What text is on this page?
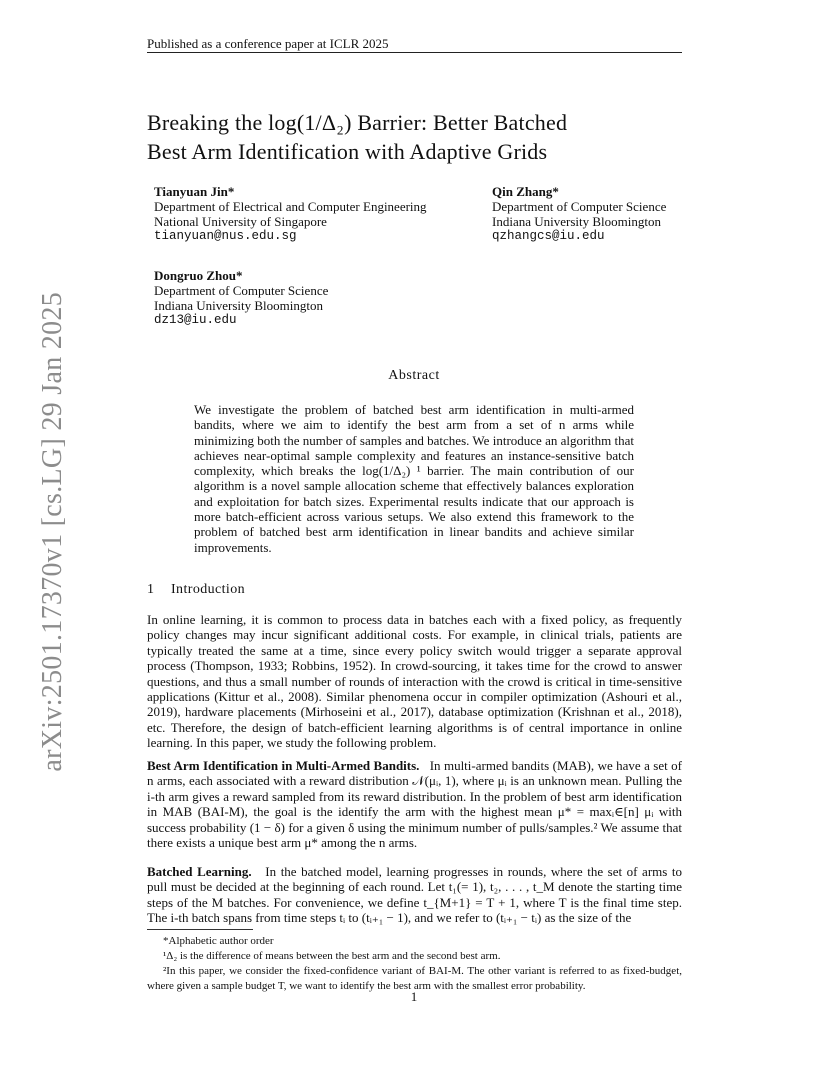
Published as a conference paper at ICLR 2025
arXiv:2501.17370v1 [cs.LG] 29 Jan 2025
Breaking the log(1/Δ₂) Barrier: Better Batched
Best Arm Identification with Adaptive Grids
Tianyuan Jin*
Department of Electrical and Computer Engineering
National University of Singapore
tianyuan@nus.edu.sg
Qin Zhang*
Department of Computer Science
Indiana University Bloomington
qzhangcs@iu.edu
Dongruo Zhou*
Department of Computer Science
Indiana University Bloomington
dz13@iu.edu
Abstract
We investigate the problem of batched best arm identification in multi-armed bandits, where we aim to identify the best arm from a set of n arms while minimizing both the number of samples and batches. We introduce an algorithm that achieves near-optimal sample complexity and features an instance-sensitive batch complexity, which breaks the log(1/Δ₂) ¹ barrier. The main contribution of our algorithm is a novel sample allocation scheme that effectively balances exploration and exploitation for batch sizes. Experimental results indicate that our approach is more batch-efficient across various setups. We also extend this framework to the problem of batched best arm identification in linear bandits and achieve similar improvements.
1 Introduction
In online learning, it is common to process data in batches each with a fixed policy, as frequently policy changes may incur significant additional costs. For example, in clinical trials, patients are typically treated the same at a time, since every policy switch would trigger a separate approval process (Thompson, 1933; Robbins, 1952). In crowd-sourcing, it takes time for the crowd to answer questions, and thus a small number of rounds of interaction with the crowd is critical in time-sensitive applications (Kittur et al., 2008). Similar phenomena occur in compiler optimization (Ashouri et al., 2019), hardware placements (Mirhoseini et al., 2017), database optimization (Krishnan et al., 2018), etc. Therefore, the design of batch-efficient learning algorithms is of central importance in online learning. In this paper, we study the following problem.
Best Arm Identification in Multi-Armed Bandits. In multi-armed bandits (MAB), we have a set of n arms, each associated with a reward distribution 𝒩(μᵢ, 1), where μᵢ is an unknown mean. Pulling the i-th arm gives a reward sampled from its reward distribution. In the problem of best arm identification in MAB (BAI-M), the goal is the identify the arm with the highest mean μ* = maxᵢ∈[n] μᵢ with success probability (1 − δ) for a given δ using the minimum number of pulls/samples.² We assume that there exists a unique best arm μ* among the n arms.
Batched Learning. In the batched model, learning progresses in rounds, where the set of arms to pull must be decided at the beginning of each round. Let t₁(= 1), t₂, . . . , t_M denote the starting time steps of the M batches. For convenience, we define t_{M+1} = T + 1, where T is the final time step. The i-th batch spans from time steps tᵢ to (tᵢ₊₁ − 1), and we refer to (tᵢ₊₁ − tᵢ) as the size of the
*Alphabetic author order
¹Δ₂ is the difference of means between the best arm and the second best arm.
²In this paper, we consider the fixed-confidence variant of BAI-M. The other variant is referred to as fixed-budget, where given a sample budget T, we want to identify the best arm with the smallest error probability.
1
